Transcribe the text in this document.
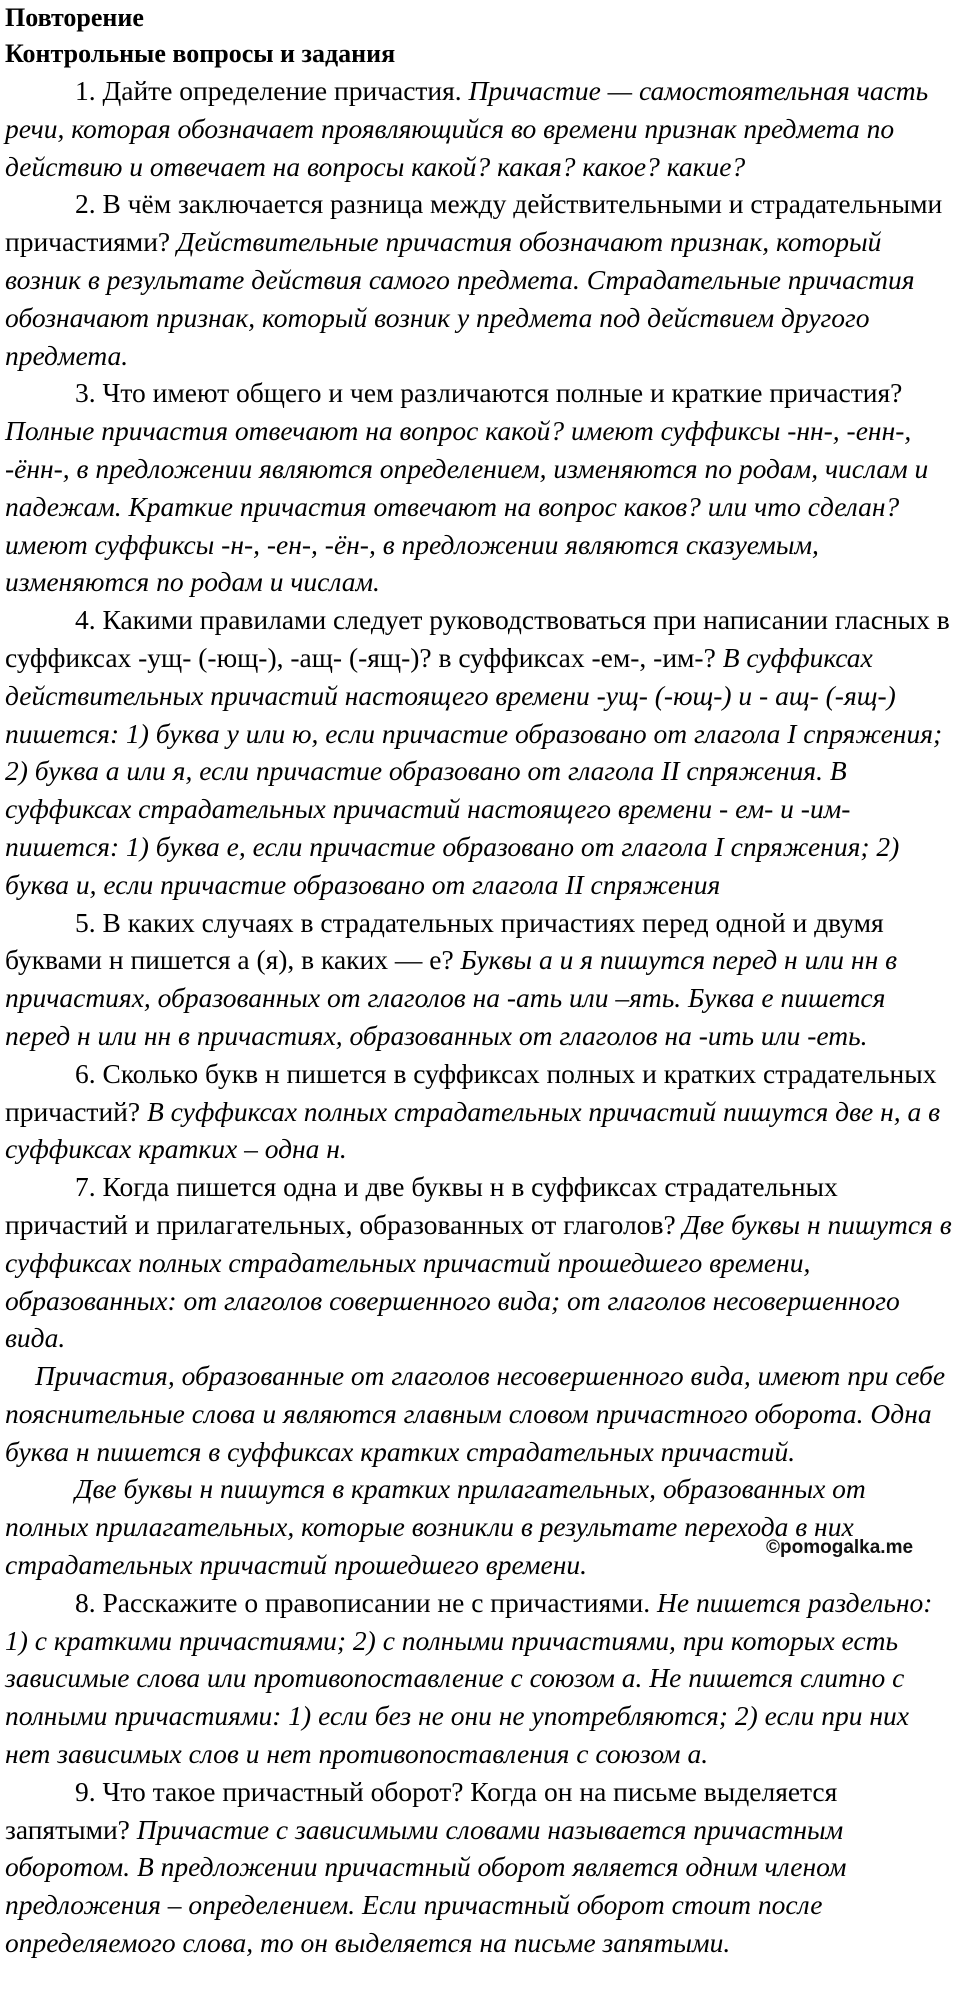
Повторение

Контрольные вопросы и задания

1. Дайте определение причастия. Причастие — самостоятельная часть речи, которая обозначает проявляющийся во времени признак предмета по действию и отвечает на вопросы какой? какая? какое? какие?

2. В чём заключается разница между действительными и страдательными причастиями? Действительные причастия обозначают признак, который возник в результате действия самого предмета. Страдательные причастия обозначают признак, который возник у предмета под действием другого предмета.

3. Что имеют общего и чем различаются полные и краткие причастия? Полные причастия отвечают на вопрос какой? имеют суффиксы -нн-, -енн-, -ённ-, в предложении являются определением, изменяются по родам, числам и падежам. Краткие причастия отвечают на вопрос каков? или что сделан? имеют суффиксы -н-, -ен-, -ён-, в предложении являются сказуемым, изменяются по родам и числам.

4. Какими правилами следует руководствоваться при написании гласных в суффиксах -ущ- (-ющ-), -ащ- (-ящ-)? в суффиксах -ем-, -им-? В суффиксах действительных причастий настоящего времени -ущ- (-ющ-) и - ащ- (-ящ-) пишется: 1) буква у или ю, если причастие образовано от глагола I спряжения; 2) буква а или я, если причастие образовано от глагола II спряжения. В суффиксах страдательных причастий настоящего времени - ем- и -им- пишется: 1) буква е, если причастие образовано от глагола I спряжения; 2) буква и, если причастие образовано от глагола II спряжения

5. В каких случаях в страдательных причастиях перед одной и двумя буквами н пишется а (я), в каких — е? Буквы а и я пишутся перед н или нн в причастиях, образованных от глаголов на -ать или –ять. Буква е пишется перед н или нн в причастиях, образованных от глаголов на -ить или -еть.

6. Сколько букв н пишется в суффиксах полных и кратких страдательных причастий? В суффиксах полных страдательных причастий пишутся две н, а в суффиксах кратких – одна н.

7. Когда пишется одна и две буквы н в суффиксах страдательных причастий и прилагательных, образованных от глаголов? Две буквы н пишутся в суффиксах полных страдательных причастий прошедшего времени, образованных: от глаголов совершенного вида; от глаголов несовершенного вида.

Причастия, образованные от глаголов несовершенного вида, имеют при себе пояснительные слова и являются главным словом причастного оборота. Одна буква н пишется в суффиксах кратких страдательных причастий.

Две буквы н пишутся в кратких прилагательных, образованных от полных прилагательных, которые возникли в результате перехода в них страдательных причастий прошедшего времени.

8. Расскажите о правописании не с причастиями. Не пишется раздельно: 1) с краткими причастиями; 2) с полными причастиями, при которых есть зависимые слова или противопоставление с союзом а. Не пишется слитно с полными причастиями: 1) если без не они не употребляются; 2) если при них нет зависимых слов и нет противопоставления с союзом а.

9. Что такое причастный оборот? Когда он на письме выделяется запятыми? Причастие с зависимыми словами называется причастным оборотом. В предложении причастный оборот является одним членом предложения – определением. Если причастный оборот стоит после определяемого слова, то он выделяется на письме запятыми.

©pomogalka.me
